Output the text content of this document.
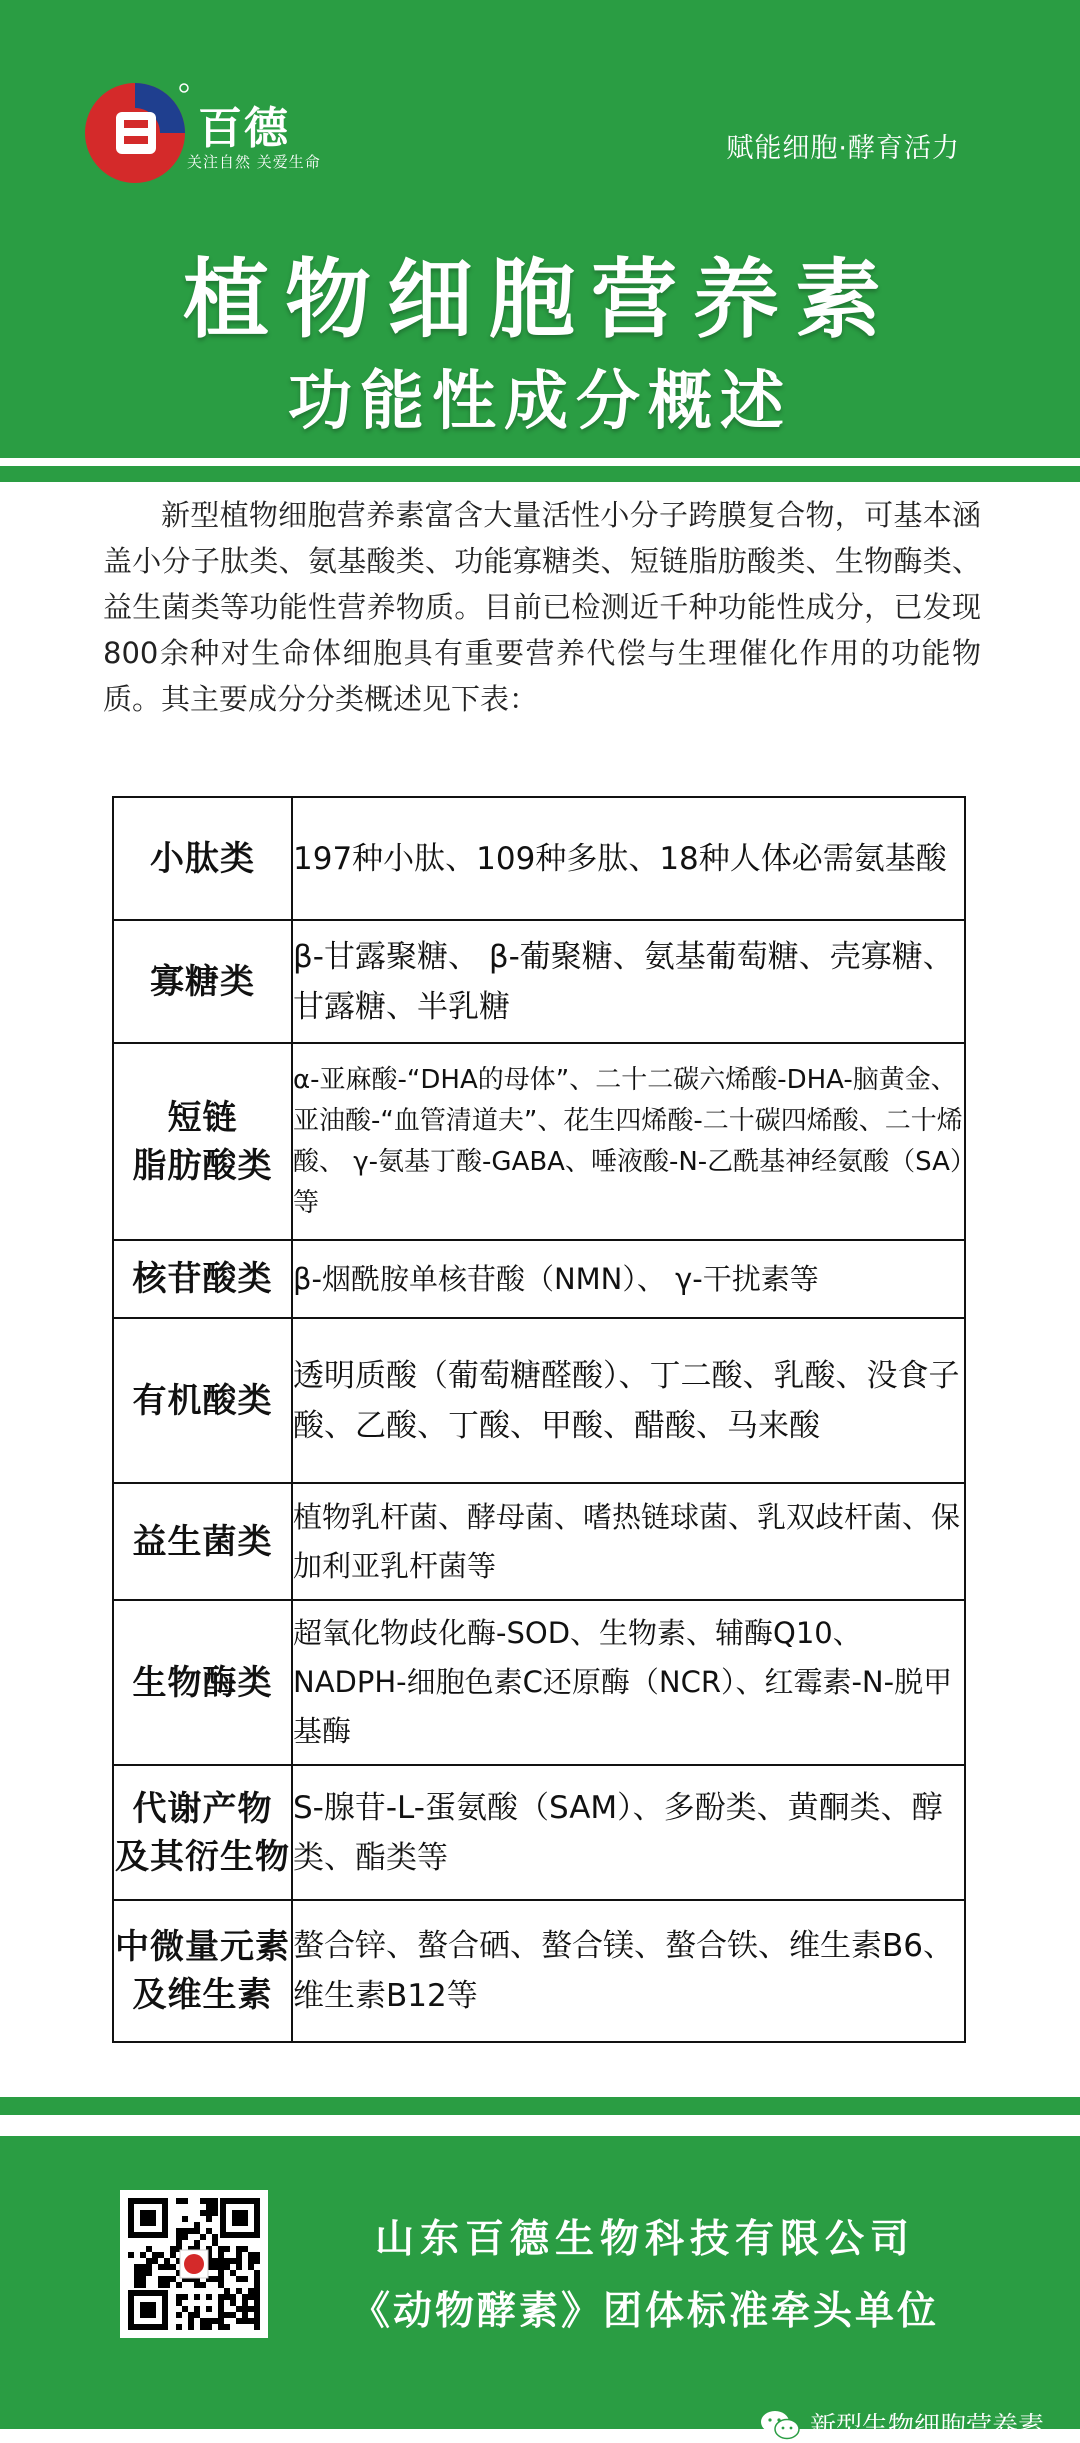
百德
关注自然 关爱生命	赋能细胞·酵育活力
植物细胞营养素
功能性成分概述
新型植物细胞营养素富含大量活性小分子跨膜复合物，可基本涵盖小分子肽类、氨基酸类、功能寡糖类、短链脂肪酸类、生物酶类、益生菌类等功能性营养物质。目前已检测近千种功能性成分，已发现800余种对生命体细胞具有重要营养代偿与生理催化作用的功能物质。其主要成分分类概述见下表：
小肽类	197种小肽、109种多肽、18种人体必需氨基酸
寡糖类	β-甘露聚糖、 β-葡聚糖、氨基葡萄糖、壳寡糖、甘露糖、半乳糖

短链
脂肪酸类	α-亚麻酸-“DHA的母体”、二十二碳六烯酸-DHA-脑黄金、亚油酸-“血管清道夫”、花生四烯酸-二十碳四烯酸、二十烯酸、 γ-氨基丁酸-GABA、唾液酸-N-乙酰基神经氨酸（SA）等
核苷酸类	β-烟酰胺单核苷酸（NMN）、 γ-干扰素等
有机酸类	透明质酸（葡萄糖醛酸）、丁二酸、乳酸、没食子酸、乙酸、丁酸、甲酸、醋酸、马来酸
益生菌类	植物乳杆菌、酵母菌、嗜热链球菌、乳双歧杆菌、保加利亚乳杆菌等
生物酶类	超氧化物歧化酶-SOD、生物素、辅酶Q10、NADPH-细胞色素C还原酶（NCR）、红霉素-N-脱甲基酶

代谢产物
及其衍生物	S-腺苷-L-蛋氨酸（SAM）、多酚类、黄酮类、醇类、酯类等

中微量元素
及维生素	螯合锌、螯合硒、螯合镁、螯合铁、维生素B6、维生素B12等
山东百德生物科技有限公司
《动物酵素》团体标准牵头单位
新型生物细胞营养素
